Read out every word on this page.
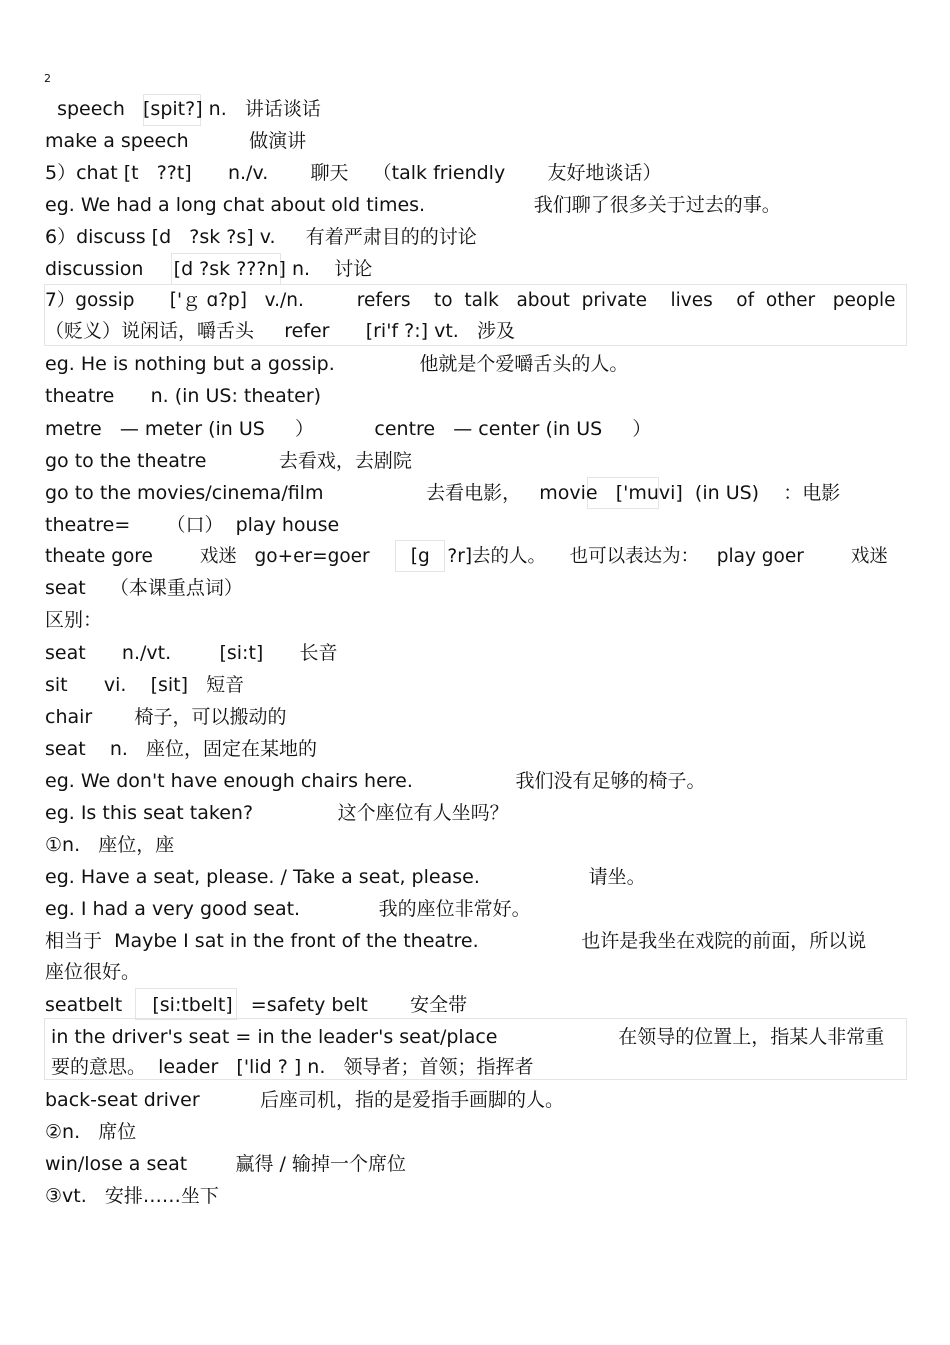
2
speech   [spit?] n.   讲话谈话
make a speech          做演讲
5）chat [t   ??t]      n./v.       聊天    （talk friendly       友好地谈话）
eg. We had a long chat about old times.                  我们聊了很多关于过去的事。
6）discuss [d   ?sk ?s] v.     有着严肃目的的讨论
discussion     [d ?sk ???n] n.    讨论
7）gossip      ['ｇ ɑ?p]   v./n.         refers    to  talk   about  private    lives    of  other   people
（贬义）说闲话，嚼舌头     refer      [ri'f ?:] vt.   涉及
eg. He is nothing but a gossip.              他就是个爱嚼舌头的人。
theatre      n. (in US: theater)
metre   — meter (in US     ）          centre   — center (in US     ）
go to the theatre            去看戏，去剧院
go to the movies/cinema/film                 去看电影，   movie   ['muvi]  (in US)    ：电影
theatre=      （口）  play house
theate gore        戏迷   go+er=goer       [g   ?r]去的人。    也可以表达为：   play goer        戏迷
seat    （本课重点词）
区别：
seat      n./vt.        [si:t]      长音
sit      vi.    [sit]   短音
chair       椅子，可以搬动的
seat    n.   座位，固定在某地的
eg. We don't have enough chairs here.                 我们没有足够的椅子。
eg. Is this seat taken?              这个座位有人坐吗？
①n.   座位，座
eg. Have a seat, please. / Take a seat, please.                  请坐。
eg. I had a very good seat.             我的座位非常好。
相当于  Maybe I sat in the front of the theatre.                 也许是我坐在戏院的前面，所以说
座位很好。
seatbelt     [si:tbelt]   =safety belt       安全带
in the driver's seat = in the leader's seat/place                    在领导的位置上，指某人非常重
要的意思。  leader   ['lid ? ] n.   领导者；首领；指挥者
back-seat driver          后座司机，指的是爱指手画脚的人。
②n.   席位
win/lose a seat        赢得 / 输掉一个席位
③vt.   安排……坐下
